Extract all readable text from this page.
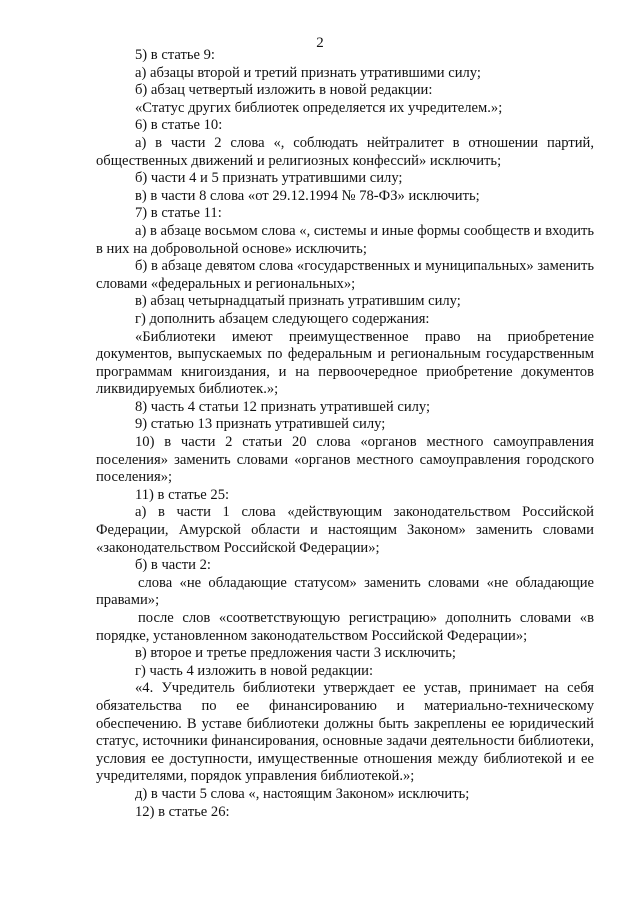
2

5) в статье 9:

а) абзацы второй и третий признать утратившими силу;

б) абзац четвертый изложить в новой редакции:

«Статус других библиотек определяется их учредителем.»;

6) в статье 10:

а) в части 2 слова «, соблюдать нейтралитет в отношении партий, общественных движений и религиозных конфессий» исключить;

б) части 4 и 5 признать утратившими силу;

в) в части 8 слова «от 29.12.1994 № 78-ФЗ» исключить;

7) в статье 11:

а) в абзаце восьмом слова «, системы и иные формы сообществ и входить в них на добровольной основе» исключить;

б) в абзаце девятом слова «государственных и муниципальных» заменить словами «федеральных и региональных»;

в) абзац четырнадцатый признать утратившим силу;

г) дополнить абзацем следующего содержания:

«Библиотеки имеют преимущественное право на приобретение документов, выпускаемых по федеральным и региональным государственным программам книгоиздания, и на первоочередное приобретение документов ликвидируемых библиотек.»;

8) часть 4 статьи 12 признать утратившей силу;

9) статью 13 признать утратившей силу;

10) в части 2 статьи 20 слова «органов местного самоуправления поселения» заменить словами «органов местного самоуправления городского поселения»;

11) в статье 25:

а) в части 1 слова «действующим законодательством Российской Федерации, Амурской области и настоящим Законом» заменить словами «законодательством Российской Федерации»;

б) в части 2:

слова «не обладающие статусом» заменить словами «не обладающие правами»;

после слов «соответствующую регистрацию» дополнить словами «в порядке, установленном законодательством Российской Федерации»;

в) второе и третье предложения части 3 исключить;

г) часть 4 изложить в новой редакции:

«4. Учредитель библиотеки утверждает ее устав, принимает на себя обязательства по ее финансированию и материально-техническому обеспечению. В уставе библиотеки должны быть закреплены ее юридический статус, источники финансирования, основные задачи деятельности библиотеки, условия ее доступности, имущественные отношения между библиотекой и ее учредителями, порядок управления библиотекой.»;

д) в части 5 слова «, настоящим Законом» исключить;

12) в статье 26:
